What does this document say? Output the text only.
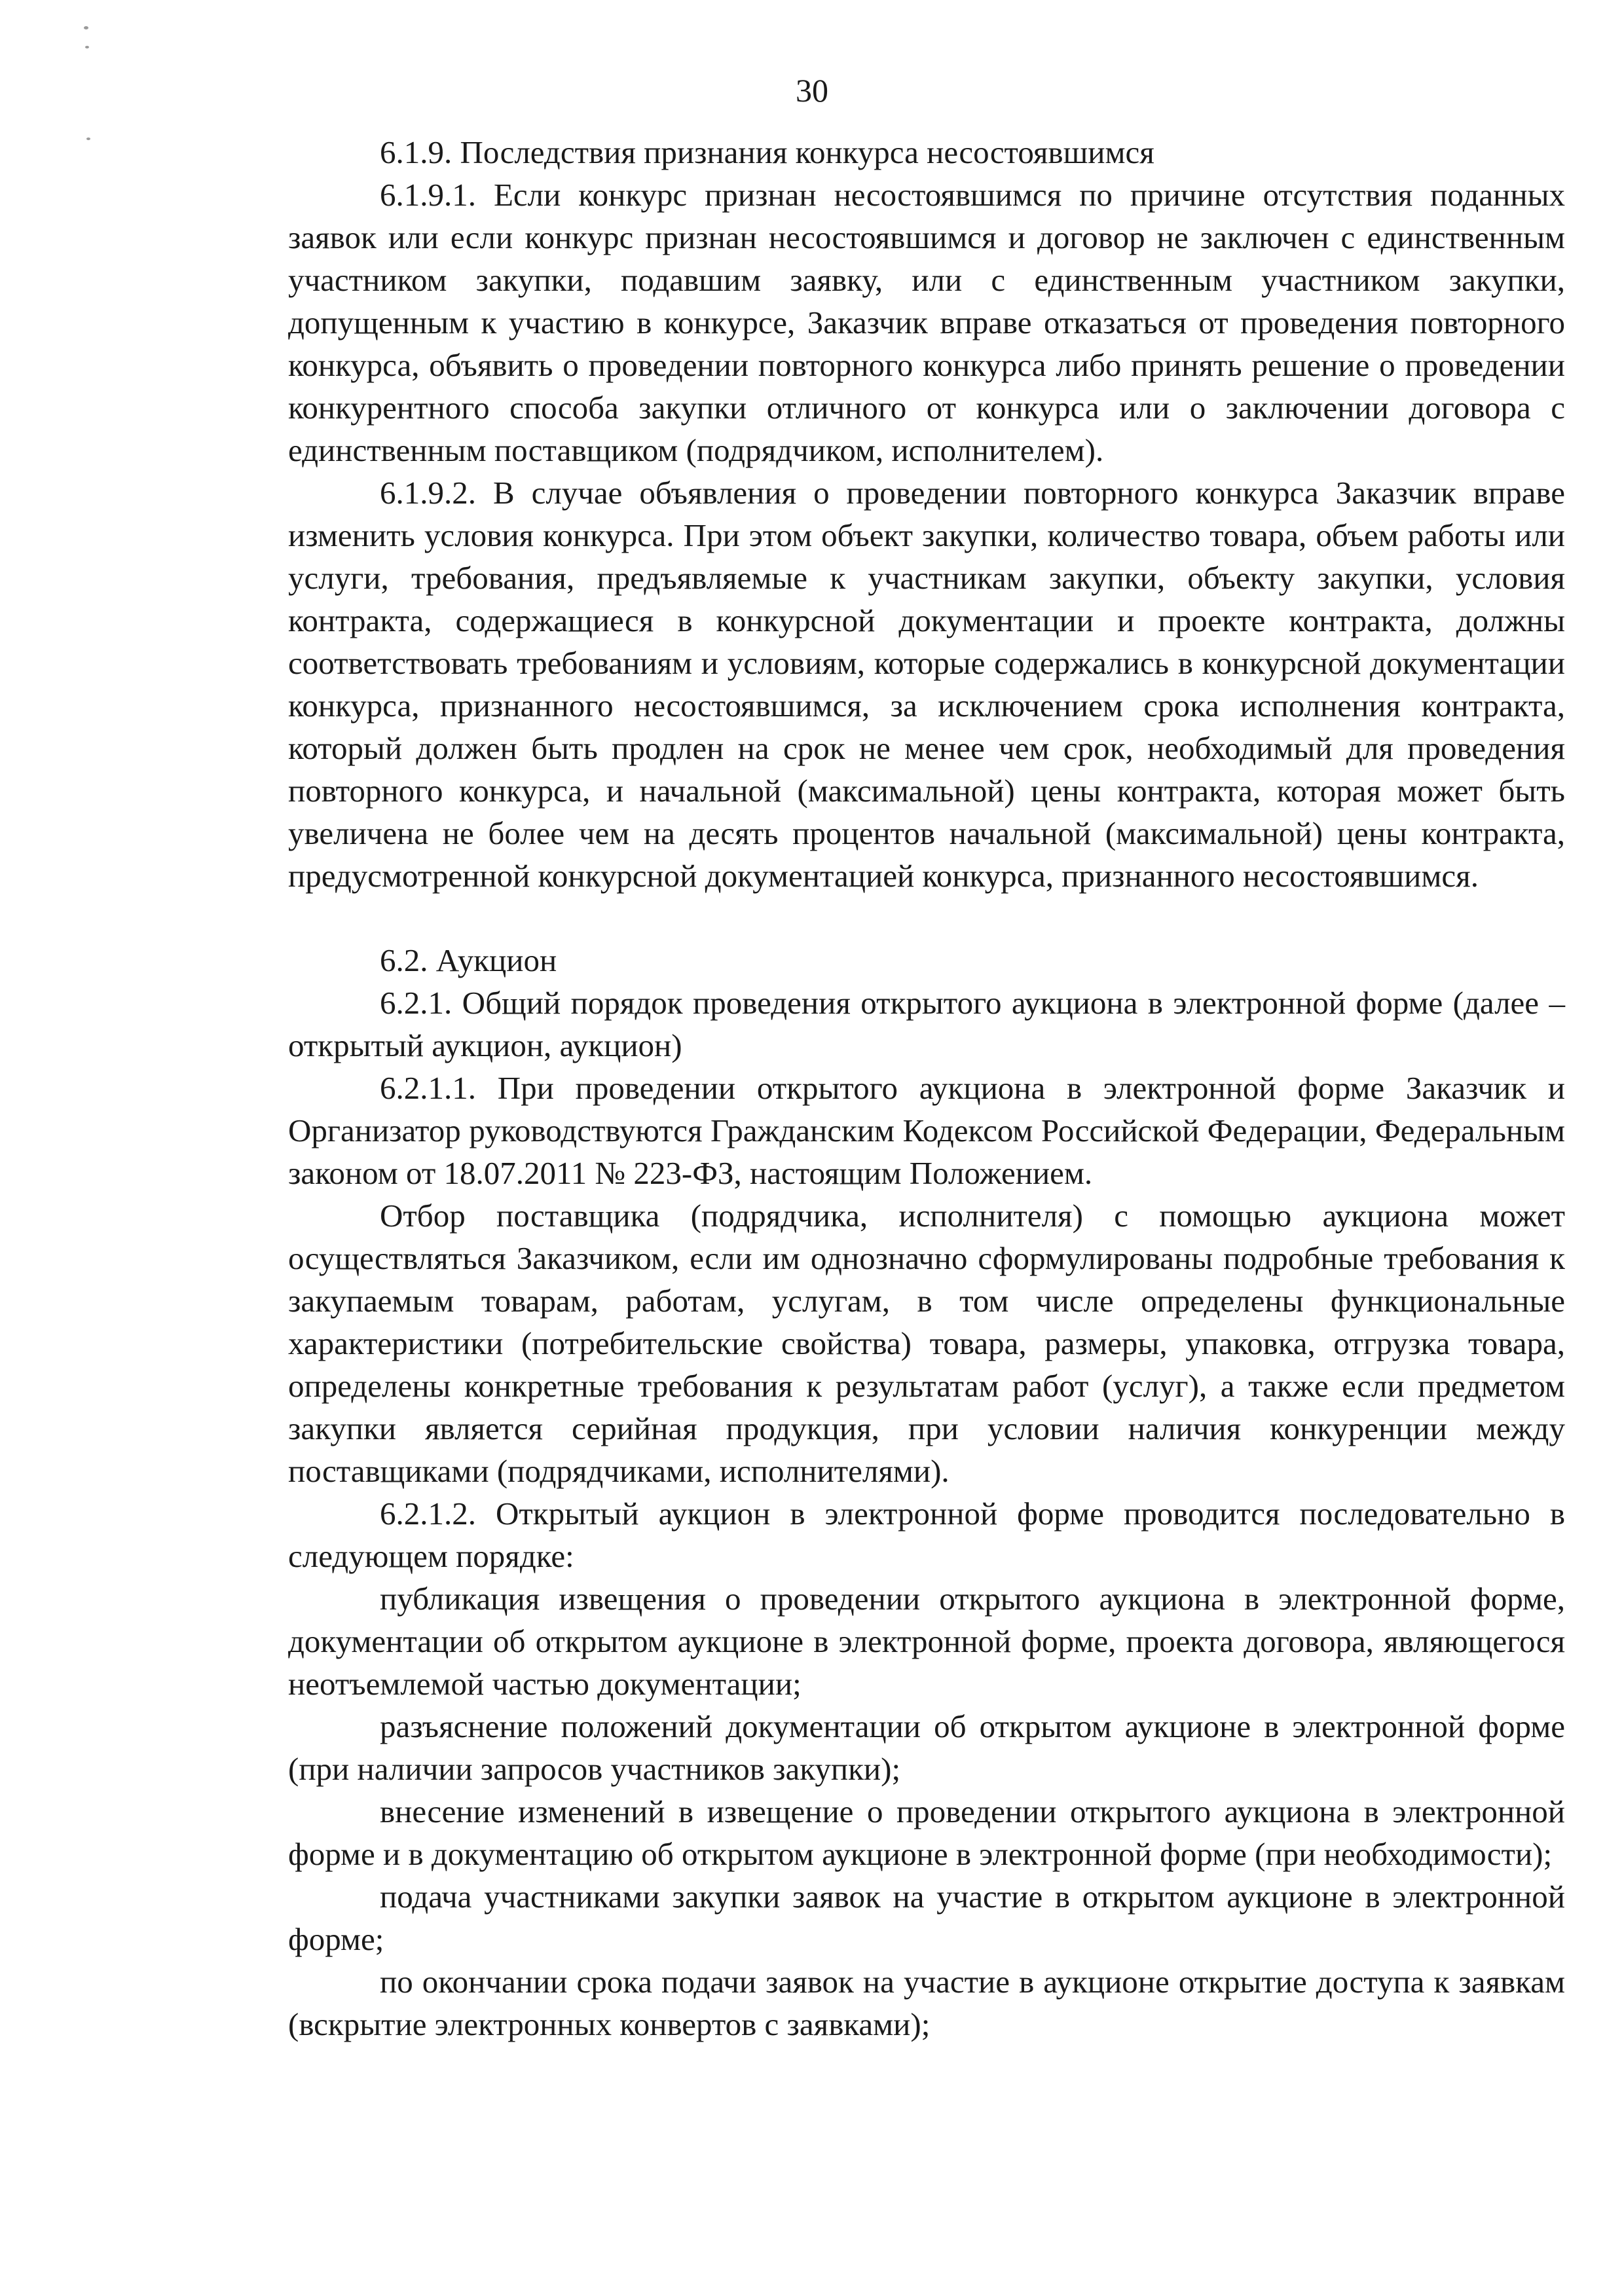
30

6.1.9. Последствия признания конкурса несостоявшимся

6.1.9.1. Если конкурс признан несостоявшимся по причине отсутствия поданных заявок или если конкурс признан несостоявшимся и договор не заключен с единственным участником закупки, подавшим заявку, или с единственным участником закупки, допущенным к участию в конкурсе, Заказчик вправе отказаться от проведения повторного конкурса, объявить о проведении повторного конкурса либо принять решение о проведении конкурентного способа закупки отличного от конкурса или о заключении договора с единственным поставщиком (подрядчиком, исполнителем).

6.1.9.2. В случае объявления о проведении повторного конкурса Заказчик вправе изменить условия конкурса. При этом объект закупки, количество товара, объем работы или услуги, требования, предъявляемые к участникам закупки, объекту закупки, условия контракта, содержащиеся в конкурсной документации и проекте контракта, должны соответствовать требованиям и условиям, которые содержались в конкурсной документации конкурса, признанного несостоявшимся, за исключением срока исполнения контракта, который должен быть продлен на срок не менее чем срок, необходимый для проведения повторного конкурса, и начальной (максимальной) цены контракта, которая может быть увеличена не более чем на десять процентов начальной (максимальной) цены контракта, предусмотренной конкурсной документацией конкурса, признанного несостоявшимся.

6.2. Аукцион

6.2.1. Общий порядок проведения открытого аукциона в электронной форме (далее – открытый аукцион, аукцион)

6.2.1.1. При проведении открытого аукциона в электронной форме Заказчик и Организатор руководствуются Гражданским Кодексом Российской Федерации, Федеральным законом от 18.07.2011 № 223-ФЗ, настоящим Положением.

Отбор поставщика (подрядчика, исполнителя) с помощью аукциона может осуществляться Заказчиком, если им однозначно сформулированы подробные требования к закупаемым товарам, работам, услугам, в том числе определены функциональные характеристики (потребительские свойства) товара, размеры, упаковка, отгрузка товара, определены конкретные требования к результатам работ (услуг), а также если предметом закупки является серийная продукция, при условии наличия конкуренции между поставщиками (подрядчиками, исполнителями).

6.2.1.2. Открытый аукцион в электронной форме проводится последовательно в следующем порядке:

публикация извещения о проведении открытого аукциона в электронной форме, документации об открытом аукционе в электронной форме, проекта договора, являющегося неотъемлемой частью документации;

разъяснение положений документации об открытом аукционе в электронной форме (при наличии запросов участников закупки);

внесение изменений в извещение о проведении открытого аукциона в электронной форме и в документацию об открытом аукционе в электронной форме (при необходимости);

подача участниками закупки заявок на участие в открытом аукционе в электронной форме;

по окончании срока подачи заявок на участие в аукционе открытие доступа к заявкам (вскрытие электронных конвертов с заявками);
